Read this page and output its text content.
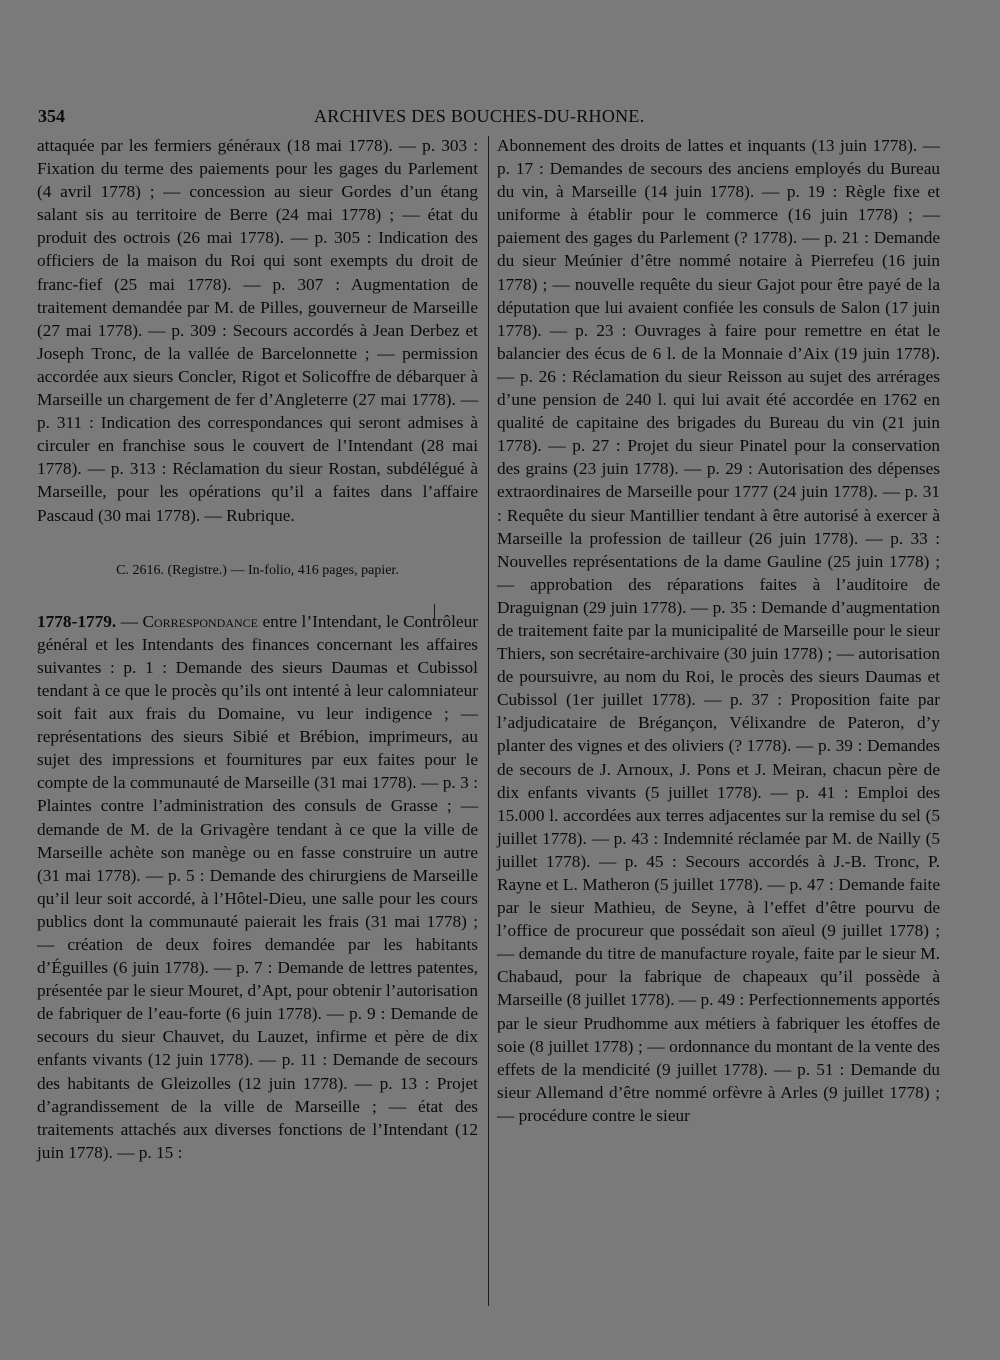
354	ARCHIVES DES BOUCHES-DU-RHONE.

attaquée par les fermiers généraux (18 mai 1778). — p. 303 : Fixation du terme des paiements pour les gages du Parlement (4 avril 1778) ; — concession au sieur Gordes d’un étang salant sis au territoire de Berre (24 mai 1778) ; — état du produit des octrois (26 mai 1778). — p. 305 : Indication des officiers de la maison du Roi qui sont exempts du droit de franc-fief (25 mai 1778). — p. 307 : Augmentation de traitement demandée par M. de Pilles, gouverneur de Marseille (27 mai 1778). — p. 309 : Secours accordés à Jean Derbez et Joseph Tronc, de la vallée de Barcelonnette ; — permission accordée aux sieurs Concler, Rigot et Solicoffre de débarquer à Marseille un chargement de fer d’Angleterre (27 mai 1778). — p. 311 : Indication des correspondances qui seront admises à circuler en franchise sous le couvert de l’Intendant (28 mai 1778). — p. 313 : Réclamation du sieur Rostan, subdélégué à Marseille, pour les opérations qu’il a faites dans l’affaire Pascaud (30 mai 1778). — Rubrique.

C. 2616. (Registre.) — In-folio, 416 pages, papier.

1778-1779. — Correspondance entre l’Intendant, le Contrôleur général et les Intendants des finances concernant les affaires suivantes : p. 1 : Demande des sieurs Daumas et Cubissol tendant à ce que le procès qu’ils ont intenté à leur calomniateur soit fait aux frais du Domaine, vu leur indigence ; — représentations des sieurs Sibié et Brébion, imprimeurs, au sujet des impressions et fournitures par eux faites pour le compte de la communauté de Marseille (31 mai 1778). — p. 3 : Plaintes contre l’administration des consuls de Grasse ; — demande de M. de la Grivagère tendant à ce que la ville de Marseille achète son manège ou en fasse construire un autre (31 mai 1778). — p. 5 : Demande des chirurgiens de Marseille qu’il leur soit accordé, à l’Hôtel-Dieu, une salle pour les cours publics dont la communauté paierait les frais (31 mai 1778) ; — création de deux foires demandée par les habitants d’Éguilles (6 juin 1778). — p. 7 : Demande de lettres patentes, présentée par le sieur Mouret, d’Apt, pour obtenir l’autorisation de fabriquer de l’eau-forte (6 juin 1778). — p. 9 : Demande de secours du sieur Chauvet, du Lauzet, infirme et père de dix enfants vivants (12 juin 1778). — p. 11 : Demande de secours des habitants de Gleizolles (12 juin 1778). — p. 13 : Projet d’agrandissement de la ville de Marseille ; — état des traitements attachés aux diverses fonctions de l’Intendant (12 juin 1778). — p. 15 :

Abonnement des droits de lattes et inquants (13 juin 1778). — p. 17 : Demandes de secours des anciens employés du Bureau du vin, à Marseille (14 juin 1778). — p. 19 : Règle fixe et uniforme à établir pour le commerce (16 juin 1778) ; — paiement des gages du Parlement (? 1778). — p. 21 : Demande du sieur Meúnier d’être nommé notaire à Pierrefeu (16 juin 1778) ; — nouvelle requête du sieur Gajot pour être payé de la députation que lui avaient confiée les consuls de Salon (17 juin 1778). — p. 23 : Ouvrages à faire pour remettre en état le balancier des écus de 6 l. de la Monnaie d’Aix (19 juin 1778). — p. 26 : Réclamation du sieur Reisson au sujet des arrérages d’une pension de 240 l. qui lui avait été accordée en 1762 en qualité de capitaine des brigades du Bureau du vin (21 juin 1778). — p. 27 : Projet du sieur Pinatel pour la conservation des grains (23 juin 1778). — p. 29 : Autorisation des dépenses extraordinaires de Marseille pour 1777 (24 juin 1778). — p. 31 : Requête du sieur Mantillier tendant à être autorisé à exercer à Marseille la profession de tailleur (26 juin 1778). — p. 33 : Nouvelles représentations de la dame Gauline (25 juin 1778) ; — approbation des réparations faites à l’auditoire de Draguignan (29 juin 1778). — p. 35 : Demande d’augmentation de traitement faite par la municipalité de Marseille pour le sieur Thiers, son secrétaire-archivaire (30 juin 1778) ; — autorisation de poursuivre, au nom du Roi, le procès des sieurs Daumas et Cubissol (1er juillet 1778). — p. 37 : Proposition faite par l’adjudicataire de Brégançon, Vélixandre de Pateron, d’y planter des vignes et des oliviers (? 1778). — p. 39 : Demandes de secours de J. Arnoux, J. Pons et J. Meiran, chacun père de dix enfants vivants (5 juillet 1778). — p. 41 : Emploi des 15.000 l. accordées aux terres adjacentes sur la remise du sel (5 juillet 1778). — p. 43 : Indemnité réclamée par M. de Nailly (5 juillet 1778). — p. 45 : Secours accordés à J.-B. Tronc, P. Rayne et L. Matheron (5 juillet 1778). — p. 47 : Demande faite par le sieur Mathieu, de Seyne, à l’effet d’être pourvu de l’office de procureur que possédait son aïeul (9 juillet 1778) ; — demande du titre de manufacture royale, faite par le sieur M. Chabaud, pour la fabrique de chapeaux qu’il possède à Marseille (8 juillet 1778). — p. 49 : Perfectionnements apportés par le sieur Prudhomme aux métiers à fabriquer les étoffes de soie (8 juillet 1778) ; — ordonnance du montant de la vente des effets de la mendicité (9 juillet 1778). — p. 51 : Demande du sieur Allemand d’être nommé orfèvre à Arles (9 juillet 1778) ; — procédure contre le sieur
